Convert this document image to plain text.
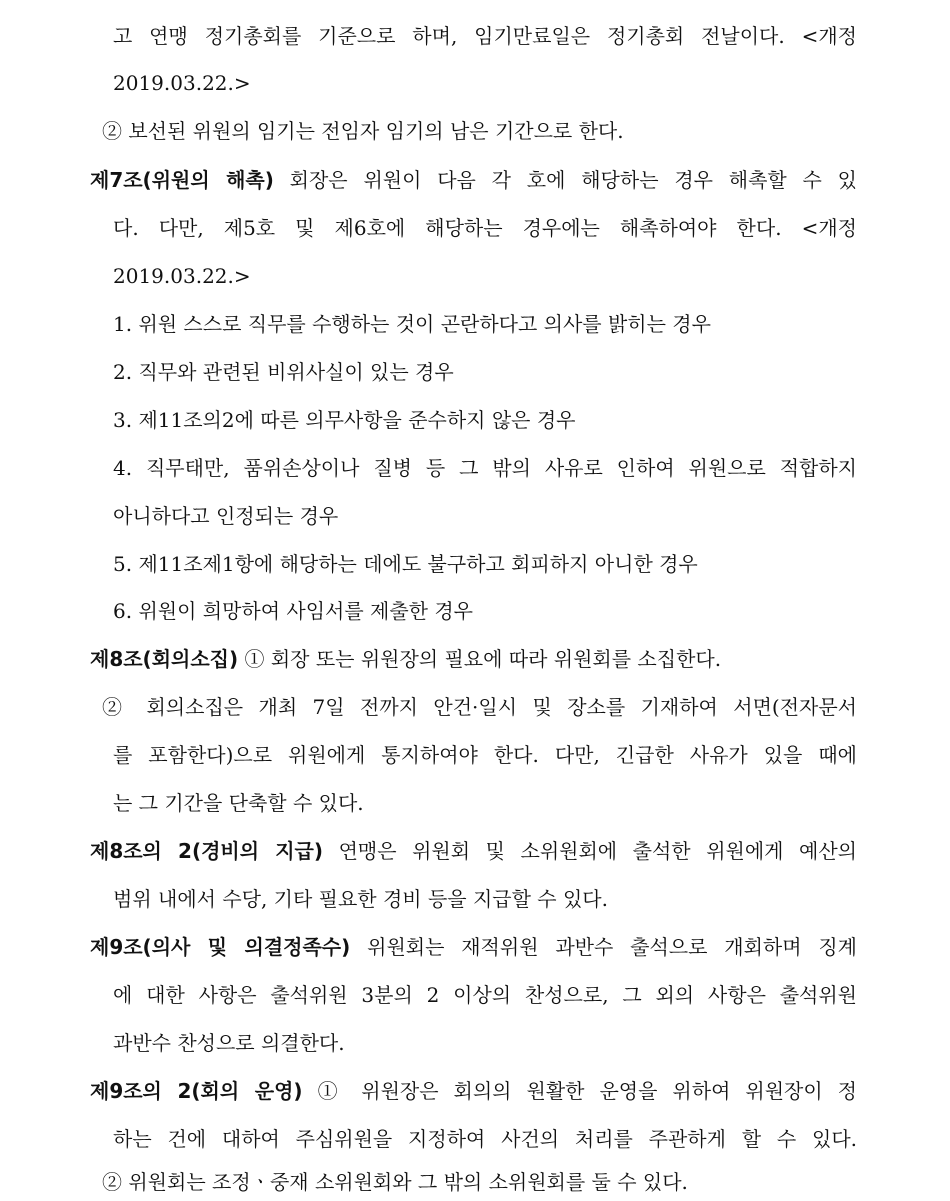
고 연맹 정기총회를 기준으로 하며, 임기만료일은 정기총회 전날이다. <개정
2019.03.22.>
② 보선된 위원의 임기는 전임자 임기의 남은 기간으로 한다.
제7조(위원의 해촉) 회장은 위원이 다음 각 호에 해당하는 경우 해촉할 수 있
다. 다만, 제5호 및 제6호에 해당하는 경우에는 해촉하여야 한다. <개정
2019.03.22.>
1. 위원 스스로 직무를 수행하는 것이 곤란하다고 의사를 밝히는 경우
2. 직무와 관련된 비위사실이 있는 경우
3. 제11조의2에 따른 의무사항을 준수하지 않은 경우
4. 직무태만, 품위손상이나 질병 등 그 밖의 사유로 인하여 위원으로 적합하지
아니하다고 인정되는 경우
5. 제11조제1항에 해당하는 데에도 불구하고 회피하지 아니한 경우
6. 위원이 희망하여 사임서를 제출한 경우
제8조(회의소집) ① 회장 또는 위원장의 필요에 따라 위원회를 소집한다.
② 회의소집은 개최 7일 전까지 안건·일시 및 장소를 기재하여 서면(전자문서
를 포함한다)으로 위원에게 통지하여야 한다. 다만, 긴급한 사유가 있을 때에
는 그 기간을 단축할 수 있다.
제8조의 2(경비의 지급) 연맹은 위원회 및 소위원회에 출석한 위원에게 예산의
범위 내에서 수당, 기타 필요한 경비 등을 지급할 수 있다.
제9조(의사 및 의결정족수) 위원회는 재적위원 과반수 출석으로 개회하며 징계
에 대한 사항은 출석위원 3분의 2 이상의 찬성으로, 그 외의 사항은 출석위원
과반수 찬성으로 의결한다.
제9조의 2(회의 운영) ① 위원장은 회의의 원활한 운영을 위하여 위원장이 정
하는 건에 대하여 주심위원을 지정하여 사건의 처리를 주관하게 할 수 있다.
② 위원회는 조정ㆍ중재 소위원회와 그 밖의 소위원회를 둘 수 있다.
